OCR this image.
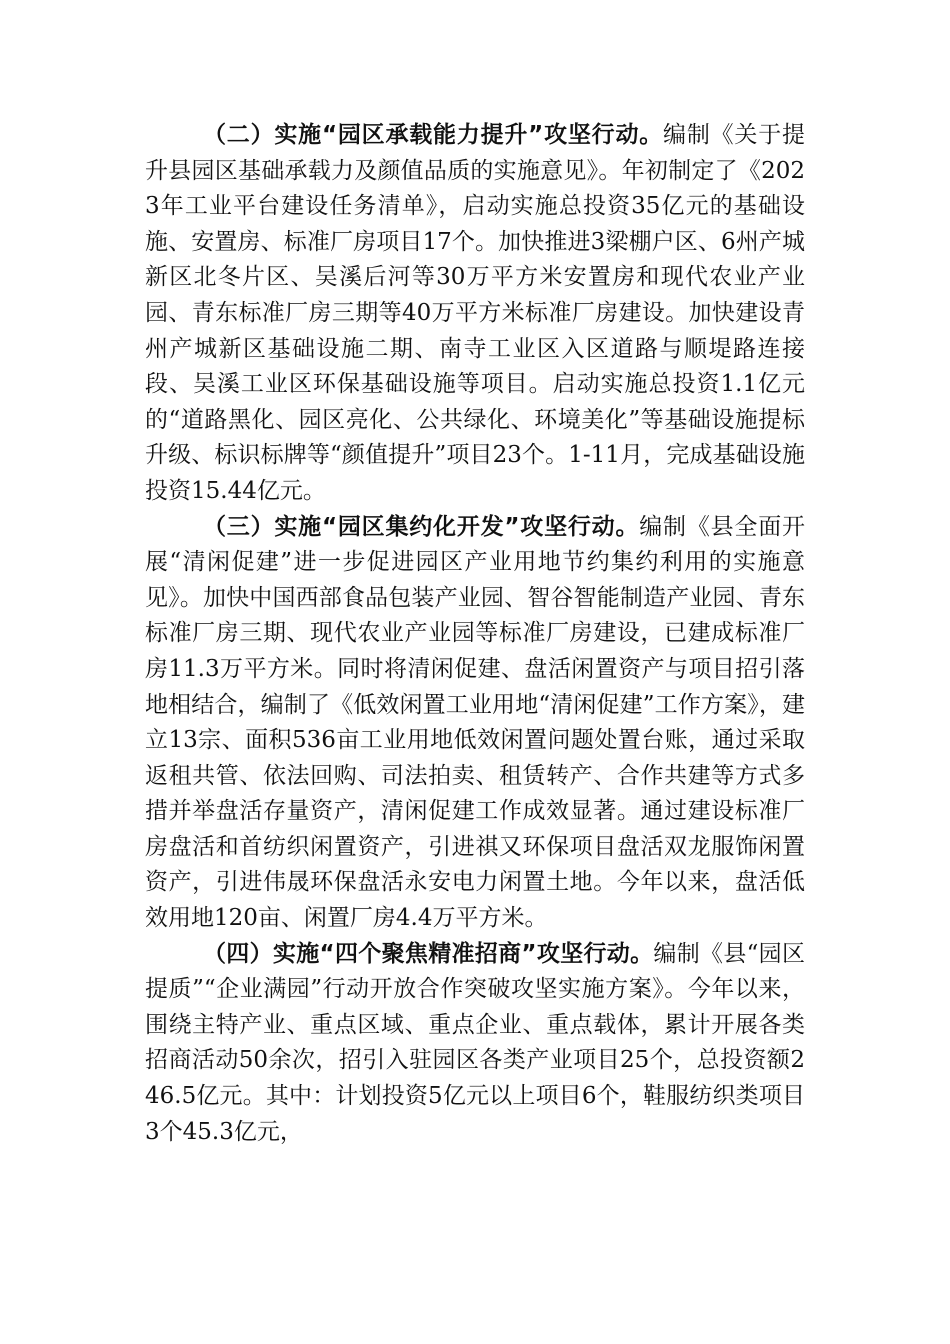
（二）实施“园区承载能力提升”攻坚行动。编制《关于提升县园区基础承载力及颜值品质的实施意见》。年初制定了《2023年工业平台建设任务清单》，启动实施总投资35亿元的基础设施、安置房、标准厂房项目17个。加快推进3梁棚户区、6州产城新区北冬片区、吴溪后河等30万平方米安置房和现代农业产业园、青东标准厂房三期等40万平方米标准厂房建设。加快建设青州产城新区基础设施二期、南寺工业区入区道路与顺堤路连接段、吴溪工业区环保基础设施等项目。启动实施总投资1.1亿元的“道路黑化、园区亮化、公共绿化、环境美化”等基础设施提标升级、标识标牌等“颜值提升”项目23个。1-11月，完成基础设施投资15.44亿元。

（三）实施“园区集约化开发”攻坚行动。编制《县全面开展“清闲促建”进一步促进园区产业用地节约集约利用的实施意见》。加快中国西部食品包装产业园、智谷智能制造产业园、青东标准厂房三期、现代农业产业园等标准厂房建设，已建成标准厂房11.3万平方米。同时将清闲促建、盘活闲置资产与项目招引落地相结合，编制了《低效闲置工业用地“清闲促建”工作方案》，建立13宗、面积536亩工业用地低效闲置问题处置台账，通过采取返租共管、依法回购、司法拍卖、租赁转产、合作共建等方式多措并举盘活存量资产，清闲促建工作成效显著。通过建设标准厂房盘活和首纺织闲置资产，引进祺又环保项目盘活双龙服饰闲置资产，引进伟晟环保盘活永安电力闲置土地。今年以来，盘活低效用地120亩、闲置厂房4.4万平方米。

（四）实施“四个聚焦精准招商”攻坚行动。编制《县“园区提质”“企业满园”行动开放合作突破攻坚实施方案》。今年以来，围绕主特产业、重点区域、重点企业、重点载体，累计开展各类招商活动50余次，招引入驻园区各类产业项目25个，总投资额246.5亿元。其中：计划投资5亿元以上项目6个，鞋服纺织类项目3个45.3亿元，
